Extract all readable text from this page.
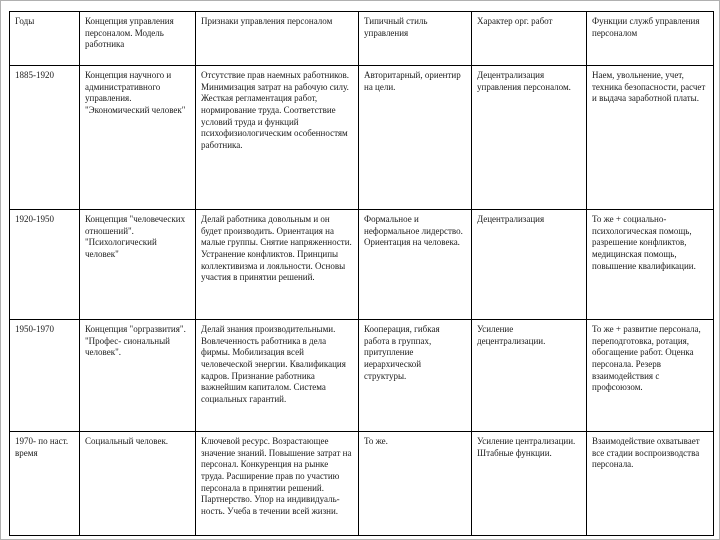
Годы	Концепция управления персоналом. Модель работника	Признаки управления персоналом	Типичный стиль управления	Характер орг. работ	Функции служб управления персоналом
1885-1920	Концепция научного и административного управления. "Экономический человек"	Отсутствие прав наемных работников. Минимизация затрат на рабочую силу. Жесткая регламентация работ, нормирование труда. Соответствие условий труда и функций психофизиологическим особенностям работника.	Авторитарный, ориентир на цели.	Децентрализация управления персоналом.	Наем, увольнение, учет, техника безопасности, расчет и выдача заработной платы.
1920-1950	Концепция "человеческих отношений". "Психологический человек"	Делай работника довольным и он будет производить. Ориентация на малые группы. Снятие напряженности. Устранение конфликтов. Принципы коллективизма и лояльности. Основы участия в принятии решений.	Формальное и неформальное лидерство. Ориентация на человека.	Децентрализация	То же + социально-психологическая помощь, разрешение конфликтов, медицинская помощь, повышение квалификации.
1950-1970	Концепция "оргразвития". "Профес- сиональный человек".	Делай знания производительными. Вовлеченность работника в дела фирмы. Мобилизация всей человеческой энергии. Квалификация кадров. Признание работника важнейшим капиталом. Система социальных гарантий.	Кооперация, гибкая работа в группах, притупление иерархической структуры.	Усиление децентрализации.	То же + развитие персонала, переподготовка, ротация, обогащение работ. Оценка персонала. Резерв взаимодействия с профсоюзом.
1970- по наст. время	Социальный человек.	Ключевой ресурс. Возрастающее значение знаний. Повышение затрат на персонал. Конкуренция на рынке труда. Расширение прав по участию персонала в принятии решений. Партнерство. Упор на индивидуаль- ность. Учеба в течении всей жизни.	То же.	Усиление централизации. Штабные функции.	Взаимодействие охватывает все стадии воспроизводства персонала.
